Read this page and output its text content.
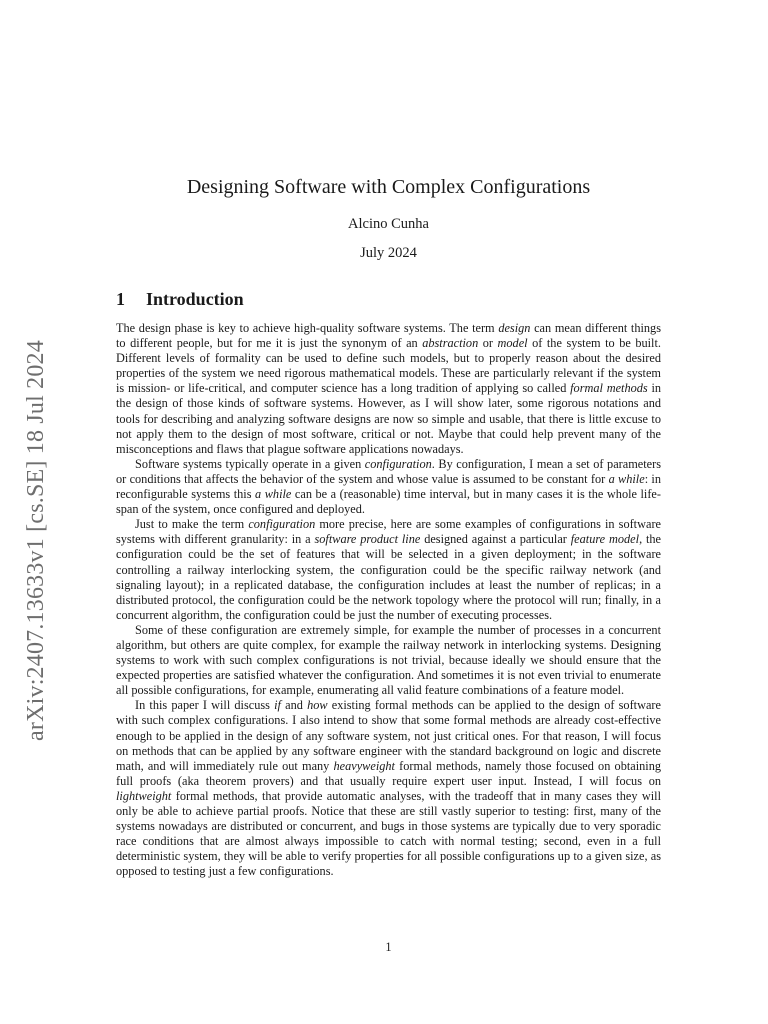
arXiv:2407.13633v1 [cs.SE] 18 Jul 2024
Designing Software with Complex Configurations
Alcino Cunha
July 2024
1 Introduction

The design phase is key to achieve high-quality software systems. The term design can mean different things to different people, but for me it is just the synonym of an abstraction or model of the system to be built. Different levels of formality can be used to define such models, but to properly reason about the desired properties of the system we need rigorous mathematical models. These are particularly relevant if the system is mission- or life-critical, and computer science has a long tradition of applying so called formal methods in the design of those kinds of software systems. However, as I will show later, some rigorous notations and tools for describing and analyzing software designs are now so simple and usable, that there is little excuse to not apply them to the design of most software, critical or not. Maybe that could help prevent many of the misconceptions and flaws that plague software applications nowadays.

Software systems typically operate in a given configuration. By configuration, I mean a set of parameters or conditions that affects the behavior of the system and whose value is assumed to be constant for a while: in reconfigurable systems this a while can be a (reasonable) time interval, but in many cases it is the whole life-span of the system, once configured and deployed.

Just to make the term configuration more precise, here are some examples of configurations in software systems with different granularity: in a software product line designed against a particular feature model, the configuration could be the set of features that will be selected in a given deployment; in the software controlling a railway interlocking system, the configuration could be the specific railway network (and signaling layout); in a replicated database, the configuration includes at least the number of replicas; in a distributed protocol, the configuration could be the network topology where the protocol will run; finally, in a concurrent algorithm, the configuration could be just the number of executing processes.

Some of these configuration are extremely simple, for example the number of processes in a concurrent algorithm, but others are quite complex, for example the railway network in interlocking systems. Designing systems to work with such complex configurations is not trivial, because ideally we should ensure that the expected properties are satisfied whatever the configuration. And sometimes it is not even trivial to enumerate all possible configurations, for example, enumerating all valid feature combinations of a feature model.

In this paper I will discuss if and how existing formal methods can be applied to the design of software with such complex configurations. I also intend to show that some formal methods are already cost-effective enough to be applied in the design of any software system, not just critical ones. For that reason, I will focus on methods that can be applied by any software engineer with the standard background on logic and discrete math, and will immediately rule out many heavyweight formal methods, namely those focused on obtaining full proofs (aka theorem provers) and that usually require expert user input. Instead, I will focus on lightweight formal methods, that provide automatic analyses, with the tradeoff that in many cases they will only be able to achieve partial proofs. Notice that these are still vastly superior to testing: first, many of the systems nowadays are distributed or concurrent, and bugs in those systems are typically due to very sporadic race conditions that are almost always impossible to catch with normal testing; second, even in a full deterministic system, they will be able to verify properties for all possible configurations up to a given size, as opposed to testing just a few configurations.

1
